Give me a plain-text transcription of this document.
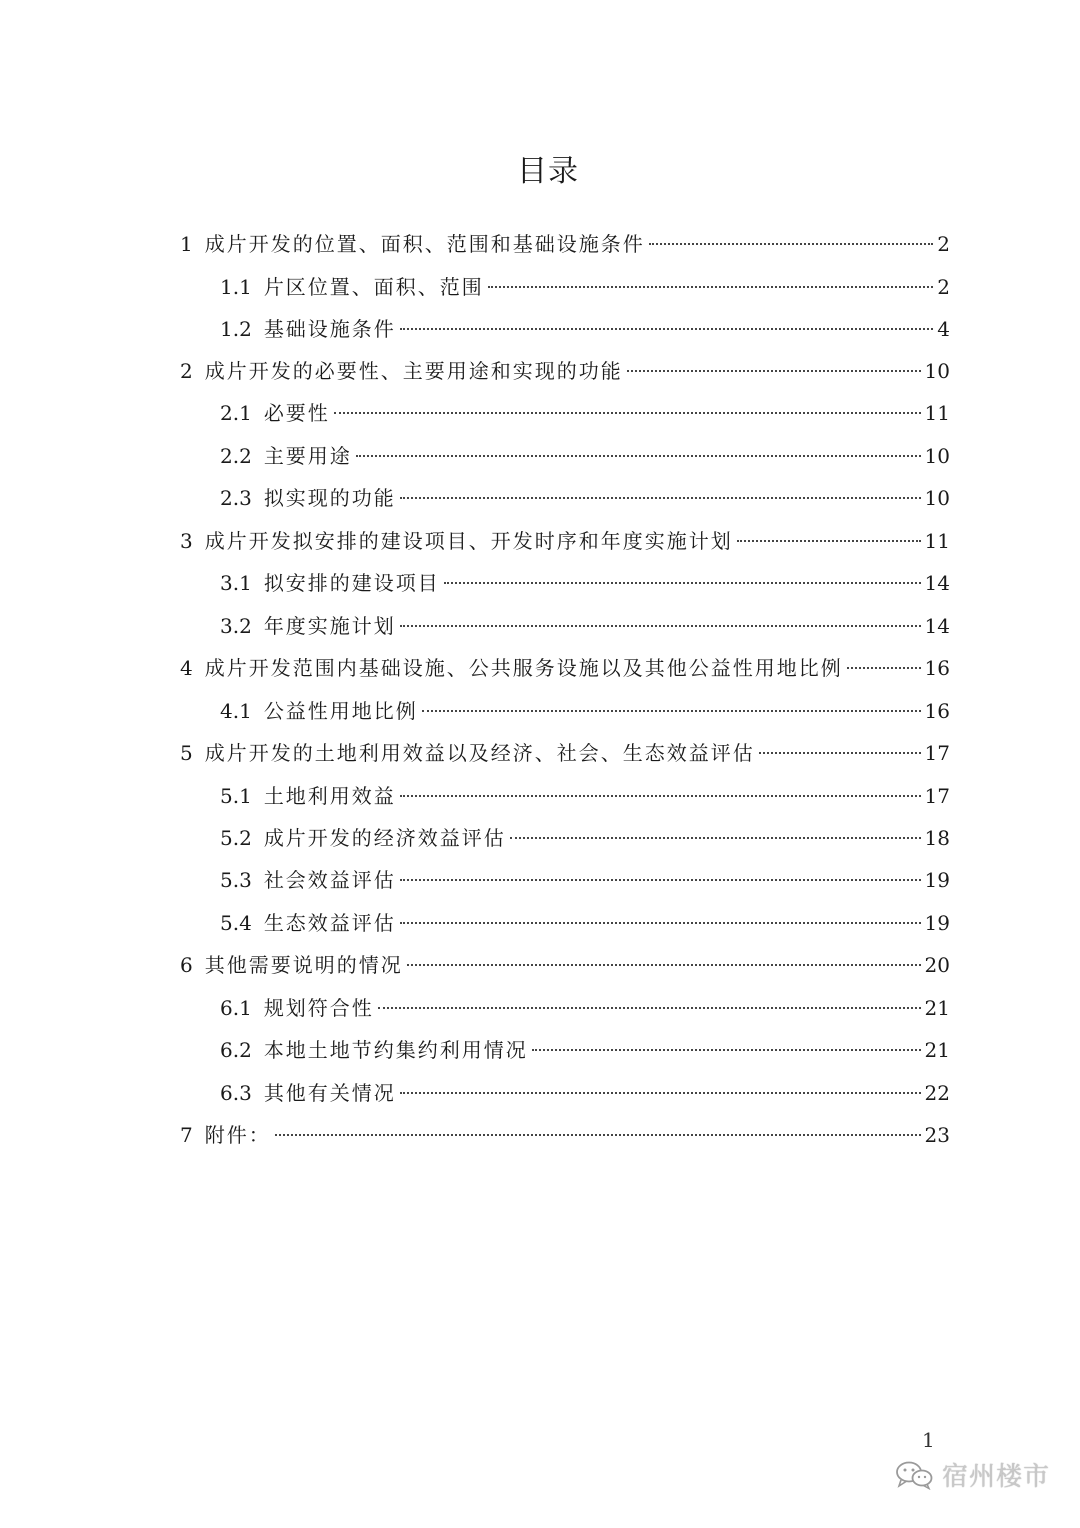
目录
1 成片开发的位置、面积、范围和基础设施条件	2
1.1 片区位置、面积、范围	2
1.2 基础设施条件	4
2 成片开发的必要性、主要用途和实现的功能	10
2.1 必要性	11
2.2 主要用途	10
2.3 拟实现的功能	10
3 成片开发拟安排的建设项目、开发时序和年度实施计划	11
3.1 拟安排的建设项目	14
3.2 年度实施计划	14
4 成片开发范围内基础设施、公共服务设施以及其他公益性用地比例	16
4.1 公益性用地比例	16
5 成片开发的土地利用效益以及经济、社会、生态效益评估	17
5.1 土地利用效益	17
5.2 成片开发的经济效益评估	18
5.3 社会效益评估	19
5.4 生态效益评估	19
6 其他需要说明的情况	20
6.1 规划符合性	21
6.2 本地土地节约集约利用情况	21
6.3 其他有关情况	22
7 附件：	23
1
宿州楼市
